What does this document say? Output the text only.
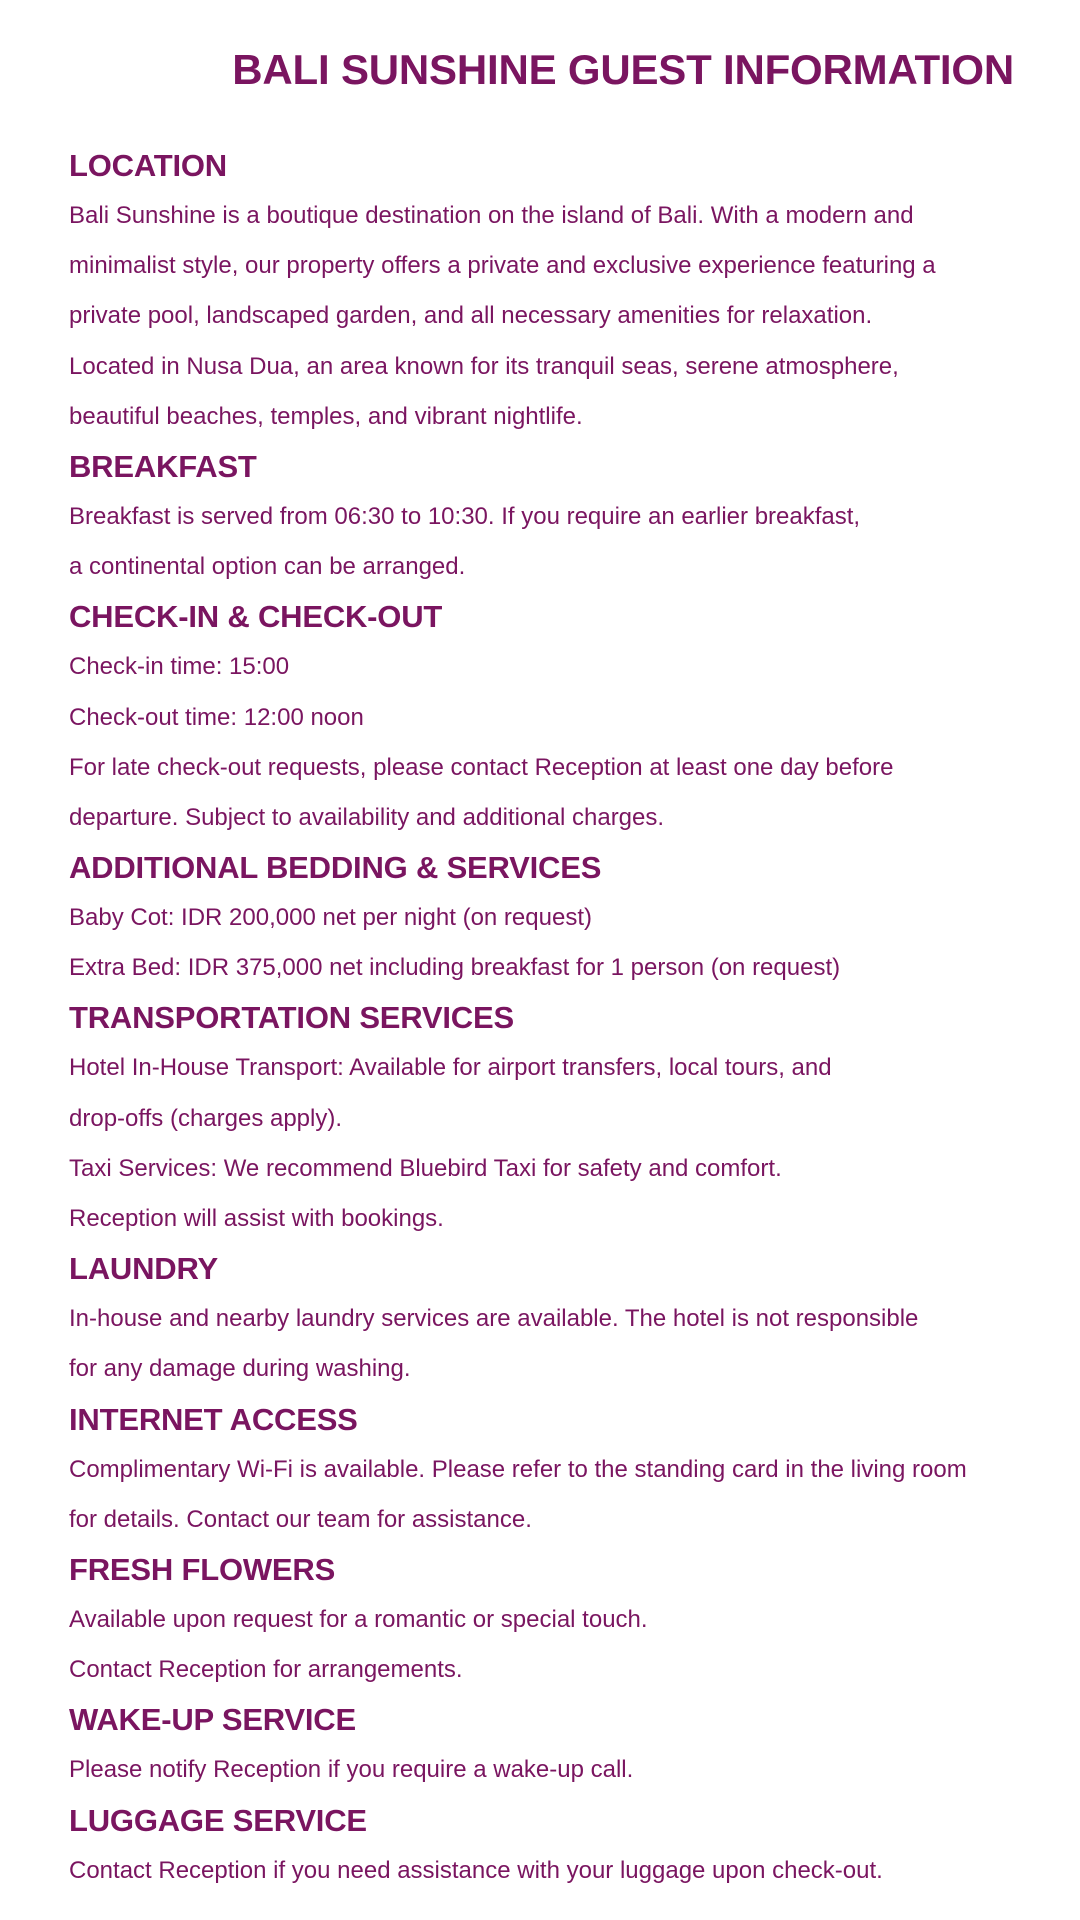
BALI SUNSHINE GUEST INFORMATION
LOCATION

Bali Sunshine is a boutique destination on the island of Bali. With a modern and

minimalist style, our property offers a private and exclusive experience featuring a

private pool, landscaped garden, and all necessary amenities for relaxation.

Located in Nusa Dua, an area known for its tranquil seas, serene atmosphere,

beautiful beaches, temples, and vibrant nightlife.

BREAKFAST

Breakfast is served from 06:30 to 10:30. If you require an earlier breakfast,

a continental option can be arranged.

CHECK-IN & CHECK-OUT

Check-in time: 15:00

Check-out time: 12:00 noon

For late check-out requests, please contact Reception at least one day before

departure. Subject to availability and additional charges.

ADDITIONAL BEDDING & SERVICES

Baby Cot: IDR 200,000 net per night (on request)

Extra Bed: IDR 375,000 net including breakfast for 1 person (on request)

TRANSPORTATION SERVICES

Hotel In-House Transport: Available for airport transfers, local tours, and

drop-offs (charges apply).

Taxi Services: We recommend Bluebird Taxi for safety and comfort.

Reception will assist with bookings.

LAUNDRY

In-house and nearby laundry services are available. The hotel is not responsible

for any damage during washing.

INTERNET ACCESS

Complimentary Wi-Fi is available. Please refer to the standing card in the living room

for details. Contact our team for assistance.

FRESH FLOWERS

Available upon request for a romantic or special touch.

Contact Reception for arrangements.

WAKE-UP SERVICE

Please notify Reception if you require a wake-up call.

LUGGAGE SERVICE

Contact Reception if you need assistance with your luggage upon check-out.
